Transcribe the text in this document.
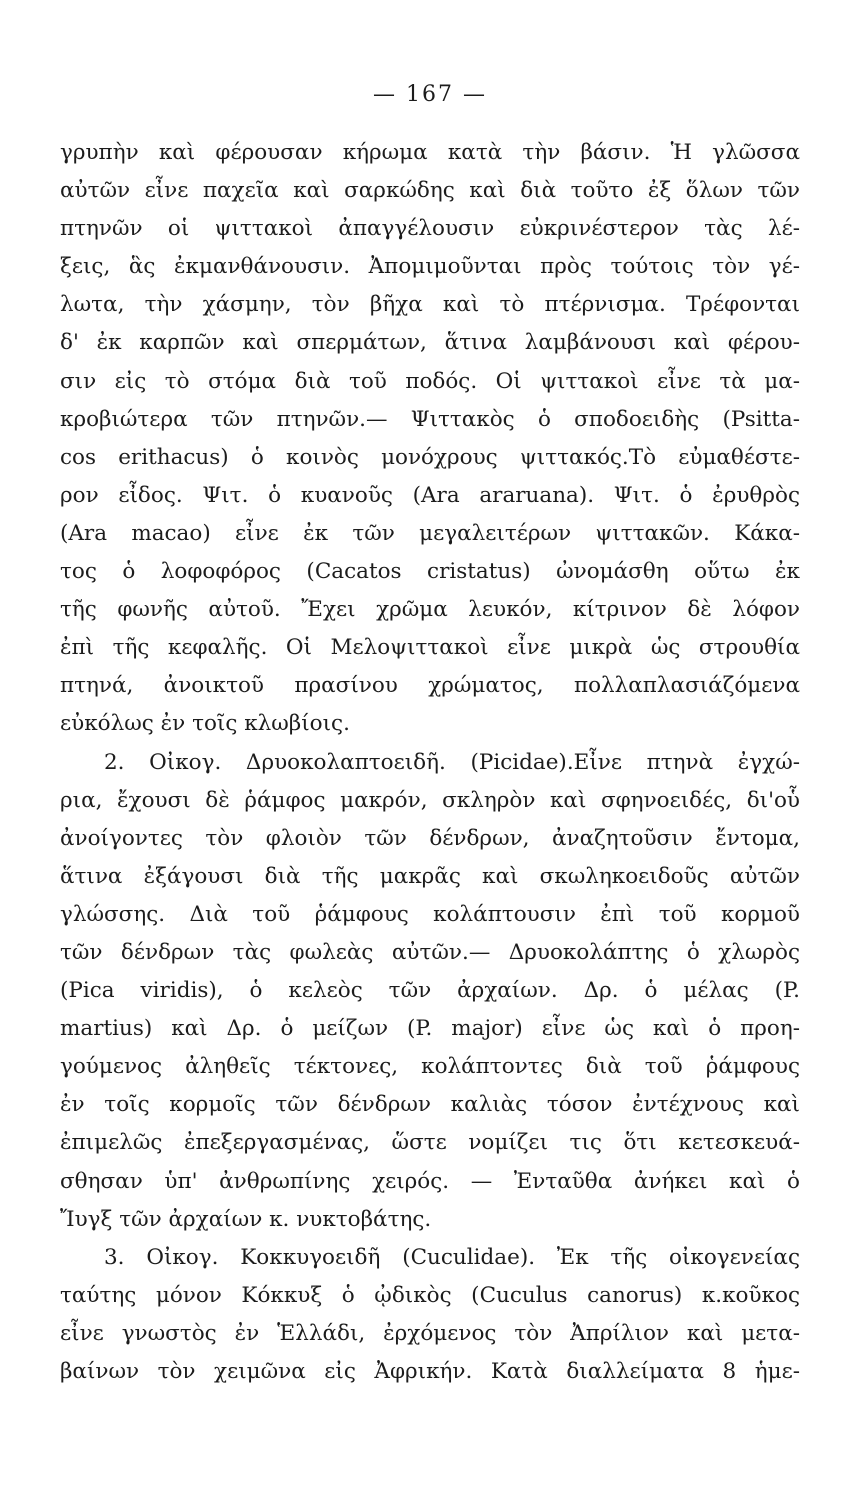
— 167 —
γρυπὴν καὶ φέρουσαν κήρωμα κατὰ τὴν βάσιν. Ἡ γλῶσσα
αὐτῶν εἶνε παχεῖα καὶ σαρκώδης καὶ διὰ τοῦτο ἐξ ὅλων τῶν
πτηνῶν οἱ ψιττακοὶ ἀπαγγέλουσιν εὐκρινέστερον τὰς λέ-
ξεις, ἃς ἐκμανθάνουσιν. Ἀπομιμοῦνται πρὸς τούτοις τὸν γέ-
λωτα, τὴν χάσμην, τὸν βῆχα καὶ τὸ πτέρνισμα. Τρέφονται
δ' ἐκ καρπῶν καὶ σπερμάτων, ἅτινα λαμβάνουσι καὶ φέρου-
σιν εἰς τὸ στόμα διὰ τοῦ ποδός. Οἱ ψιττακοὶ εἶνε τὰ μα-
κροβιώτερα τῶν πτηνῶν.— Ψιττακὸς ὁ σποδοειδὴς (Psitta-
cos erithacus) ὁ κοινὸς μονόχρους ψιττακός.Τὸ εὐμαθέστε-
ρον εἶδος. Ψιτ. ὁ κυανοῦς (Ara araruana). Ψιτ. ὁ ἐρυθρὸς
(Ara macao) εἶνε ἐκ τῶν μεγαλειτέρων ψιττακῶν. Κάκα-
τος ὁ λοφοφόρος (Cacatos cristatus) ὠνομάσθη οὕτω ἐκ
τῆς φωνῆς αὐτοῦ. Ἔχει χρῶμα λευκόν, κίτρινον δὲ λόφον
ἐπὶ τῆς κεφαλῆς. Οἱ Μελοψιττακοὶ εἶνε μικρὰ ὡς στρουθία
πτηνά, ἀνοικτοῦ πρασίνου χρώματος, πολλαπλασιάζόμενα
εὐκόλως ἐν τοῖς κλωβίοις.
2. Οἰκογ. Δρυοκολαπτοειδῆ. (Picidae).Εἶνε πτηνὰ ἐγχώ-
ρια, ἔχουσι δὲ ῥάμφος μακρόν, σκληρὸν καὶ σφηνοειδές, δι'οὗ
ἀνοίγοντες τὸν φλοιὸν τῶν δένδρων, ἀναζητοῦσιν ἔντομα,
ἅτινα ἐξάγουσι διὰ τῆς μακρᾶς καὶ σκωληκοειδοῦς αὐτῶν
γλώσσης. Διὰ τοῦ ῥάμφους κολάπτουσιν ἐπὶ τοῦ κορμοῦ
τῶν δένδρων τὰς φωλεὰς αὐτῶν.— Δρυοκολάπτης ὁ χλωρὸς
(Pica viridis), ὁ κελεὸς τῶν ἀρχαίων. Δρ. ὁ μέλας (P.
martius) καὶ Δρ. ὁ μείζων (P. major) εἶνε ὡς καὶ ὁ προη-
γούμενος ἀληθεῖς τέκτονες, κολάπτοντες διὰ τοῦ ῥάμφους
ἐν τοῖς κορμοῖς τῶν δένδρων καλιὰς τόσον ἐντέχνους καὶ
ἐπιμελῶς ἐπεξεργασμένας, ὥστε νομίζει τις ὅτι κετεσκευά-
σθησαν ὑπ' ἀνθρωπίνης χειρός. — Ἐνταῦθα ἀνήκει καὶ ὁ
Ἴυγξ τῶν ἀρχαίων κ. νυκτοβάτης.
3. Οἰκογ. Κοκκυγοειδῆ (Cuculidae). Ἐκ τῆς οἰκογενείας
ταύτης μόνον Κόκκυξ ὁ ᾠδικὸς (Cuculus canorus) κ.κοῦκος
εἶνε γνωστὸς ἐν Ἑλλάδι, ἐρχόμενος τὸν Ἀπρίλιον καὶ μετα-
βαίνων τὸν χειμῶνα εἰς Ἀφρικήν. Κατὰ διαλλείματα 8 ἡμε-
